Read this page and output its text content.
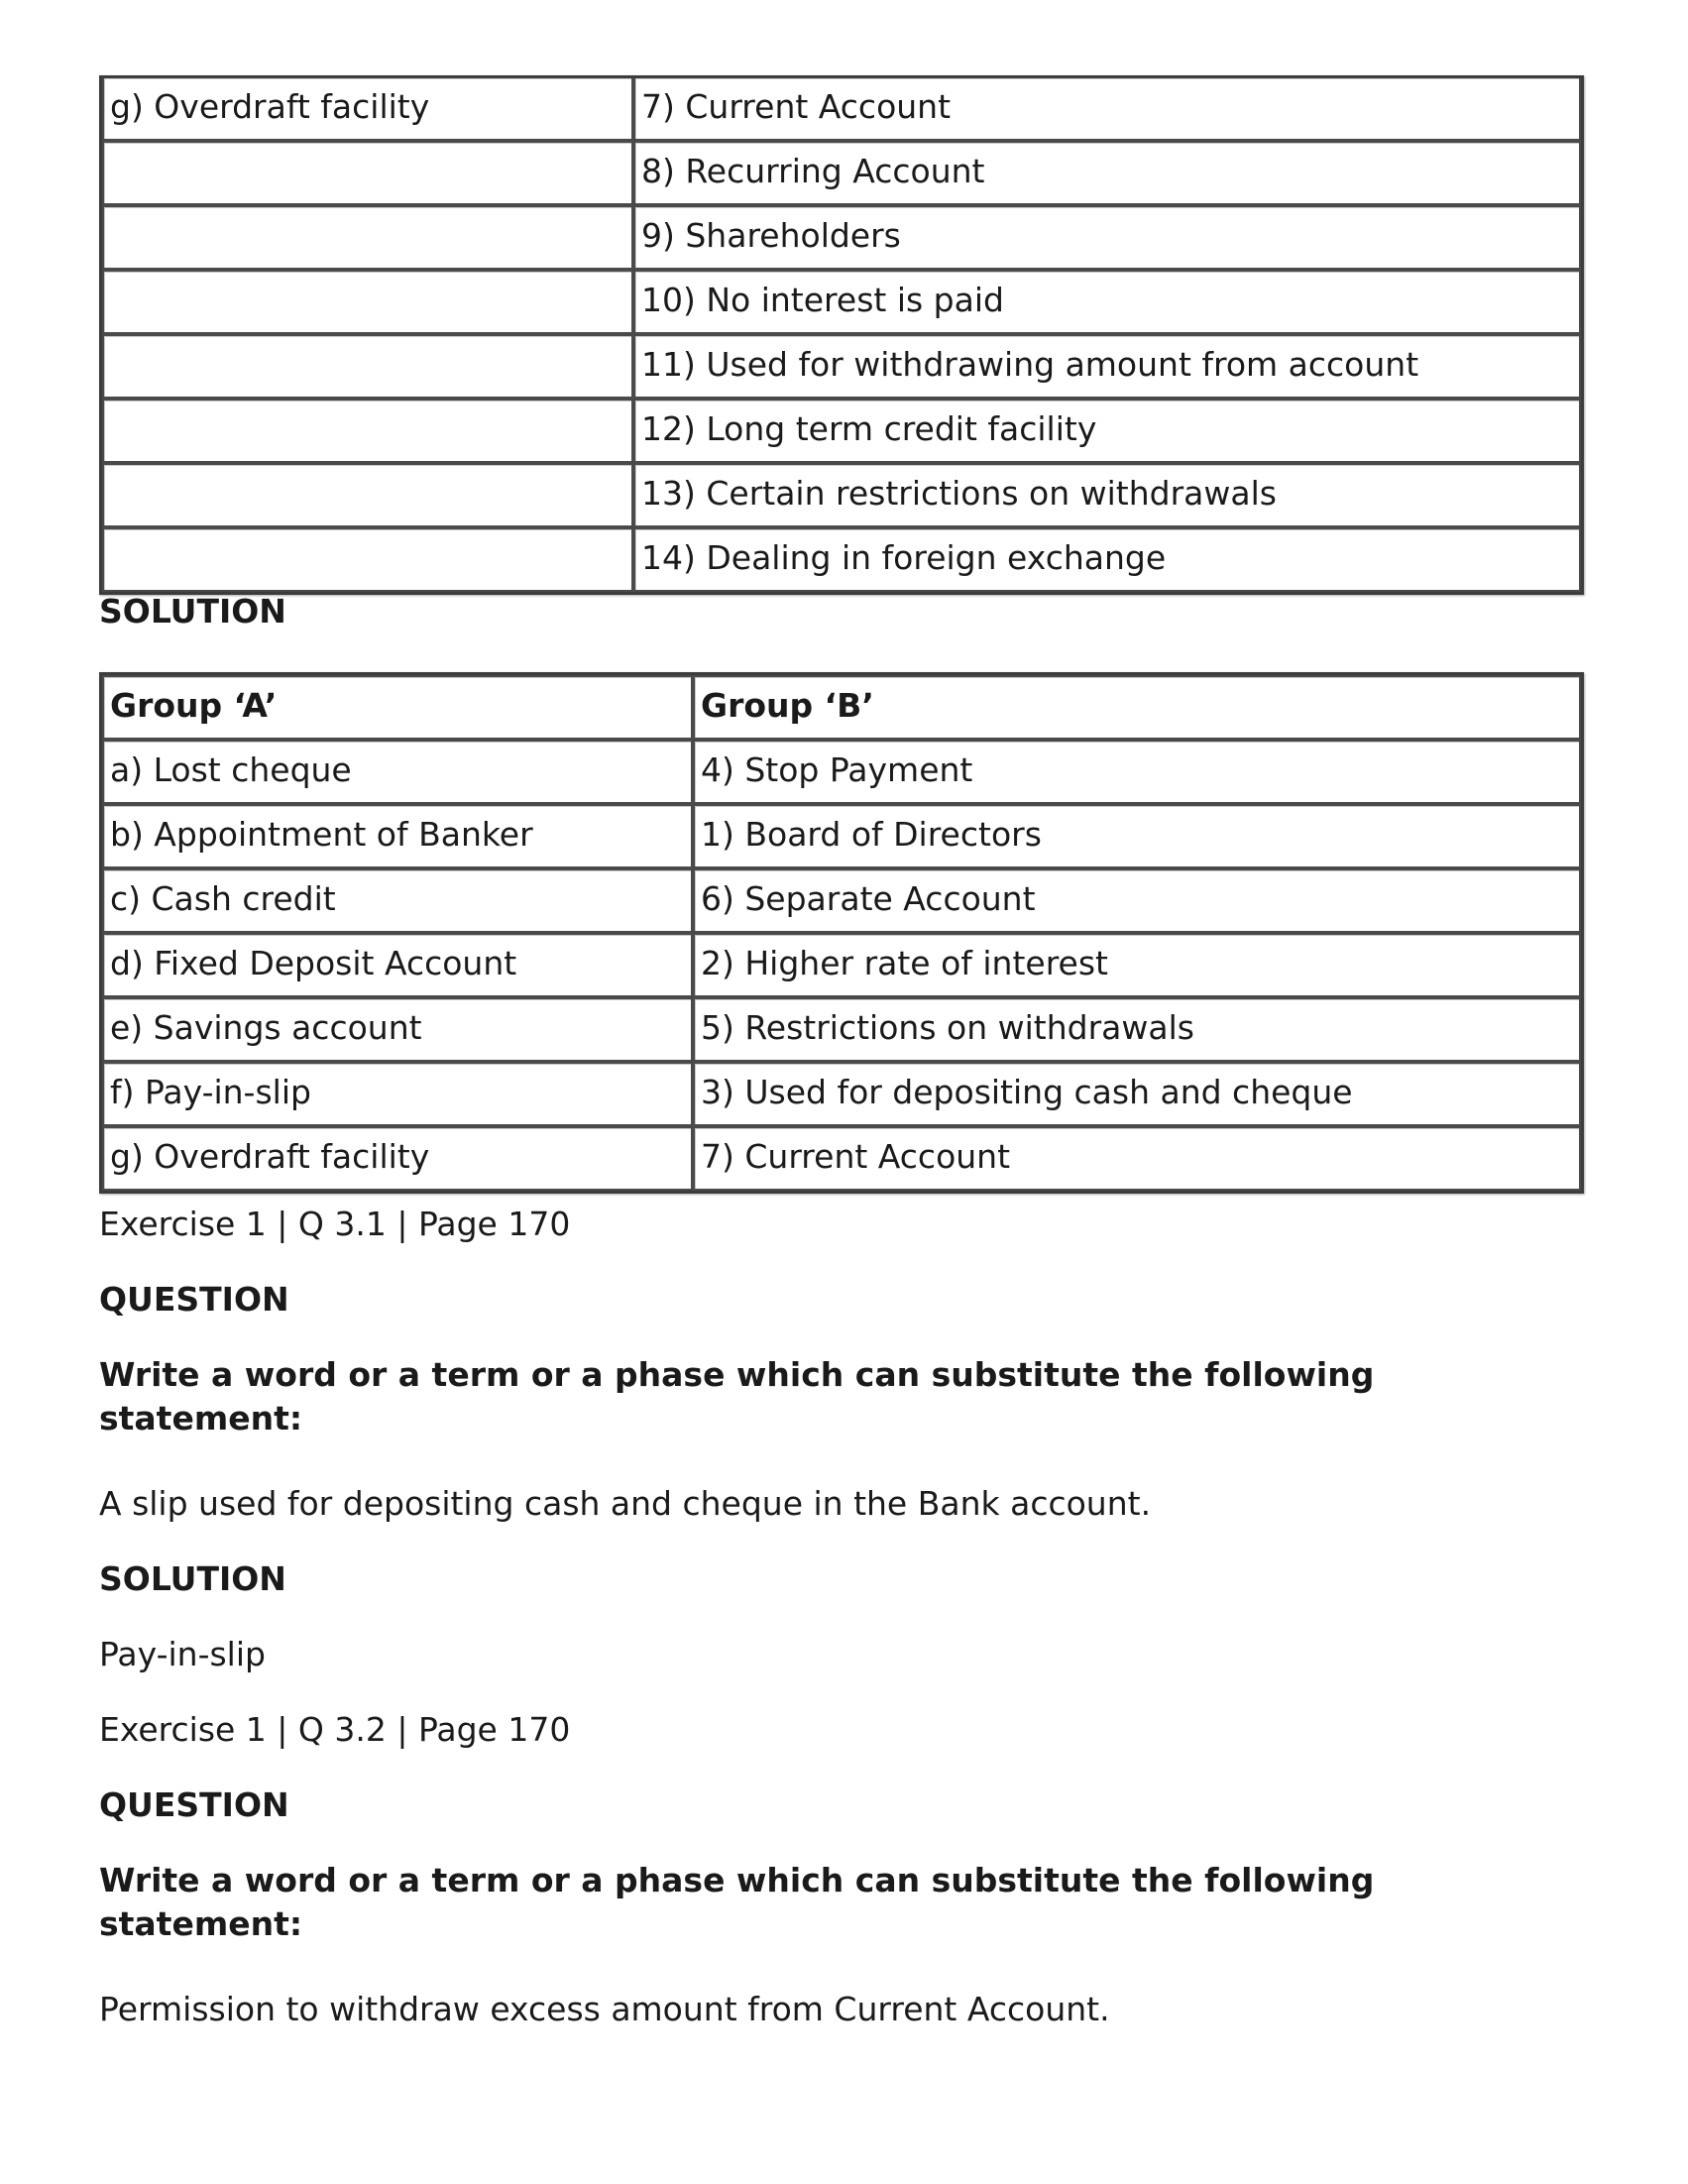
g) Overdraft facility	7) Current Account
	8) Recurring Account
	9) Shareholders
	10) No interest is paid
	11) Used for withdrawing amount from account
	12) Long term credit facility
	13) Certain restrictions on withdrawals
	14) Dealing in foreign exchange
SOLUTION
Group ‘A’	Group ‘B’
a) Lost cheque	4) Stop Payment
b) Appointment of Banker	1) Board of Directors
c) Cash credit	6) Separate Account
d) Fixed Deposit Account	2) Higher rate of interest
e) Savings account	5) Restrictions on withdrawals
f) Pay-in-slip	3) Used for depositing cash and cheque
g) Overdraft facility	7) Current Account
Exercise 1 | Q 3.1 | Page 170
QUESTION
Write a word or a term or a phase which can substitute the following statement:
A slip used for depositing cash and cheque in the Bank account.
SOLUTION
Pay-in-slip
Exercise 1 | Q 3.2 | Page 170
QUESTION
Write a word or a term or a phase which can substitute the following statement:
Permission to withdraw excess amount from Current Account.
